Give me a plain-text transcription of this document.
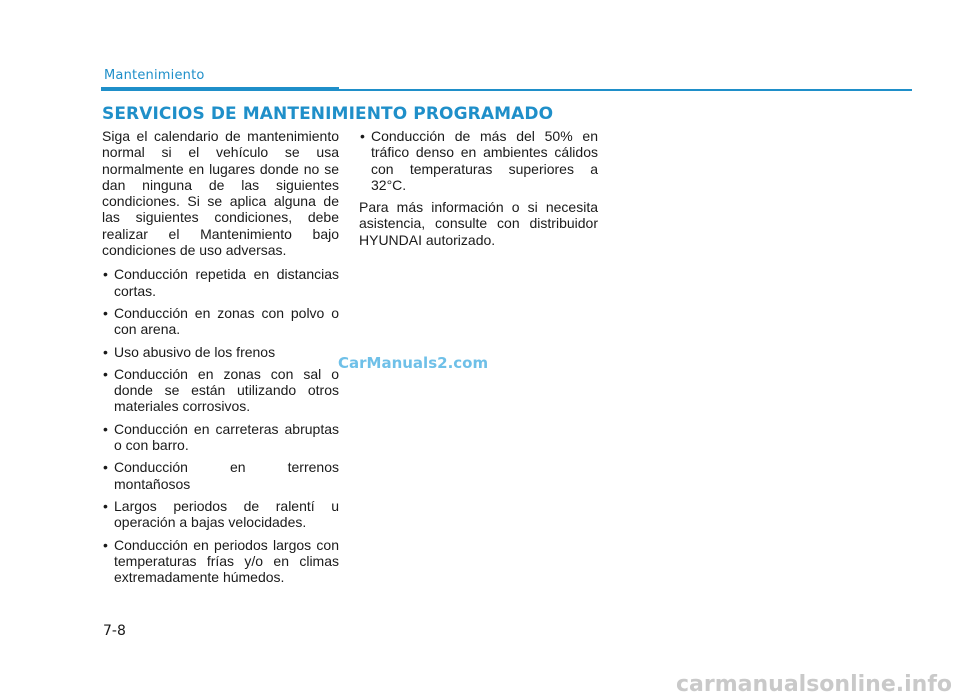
Mantenimiento
SERVICIOS DE MANTENIMIENTO PROGRAMADO

Siga el calendario de mantenimiento normal si el vehículo se usa normalmente en lugares donde no se dan ninguna de las siguientes condiciones. Si se aplica alguna de las siguientes condiciones, debe realizar el Mantenimiento bajo condiciones de uso adversas.

• Conducción repetida en distancias cortas.
• Conducción en zonas con polvo o con arena.
• Uso abusivo de los frenos
• Conducción en zonas con sal o donde se están utilizando otros materiales corrosivos.
• Conducción en carreteras abruptas o con barro.
• Conducción en terrenos montañosos
• Largos periodos de ralentí u operación a bajas velocidades.
• Conducción en periodos largos con temperaturas frías y/o en climas extremadamente húmedos.
• Conducción de más del 50% en tráfico denso en ambientes cálidos con temperaturas superiores a 32°C.

Para más información o si necesita asistencia, consulte con distribuidor HYUNDAI autorizado.

CarManuals2.com
7-8
carmanualsonline.info
